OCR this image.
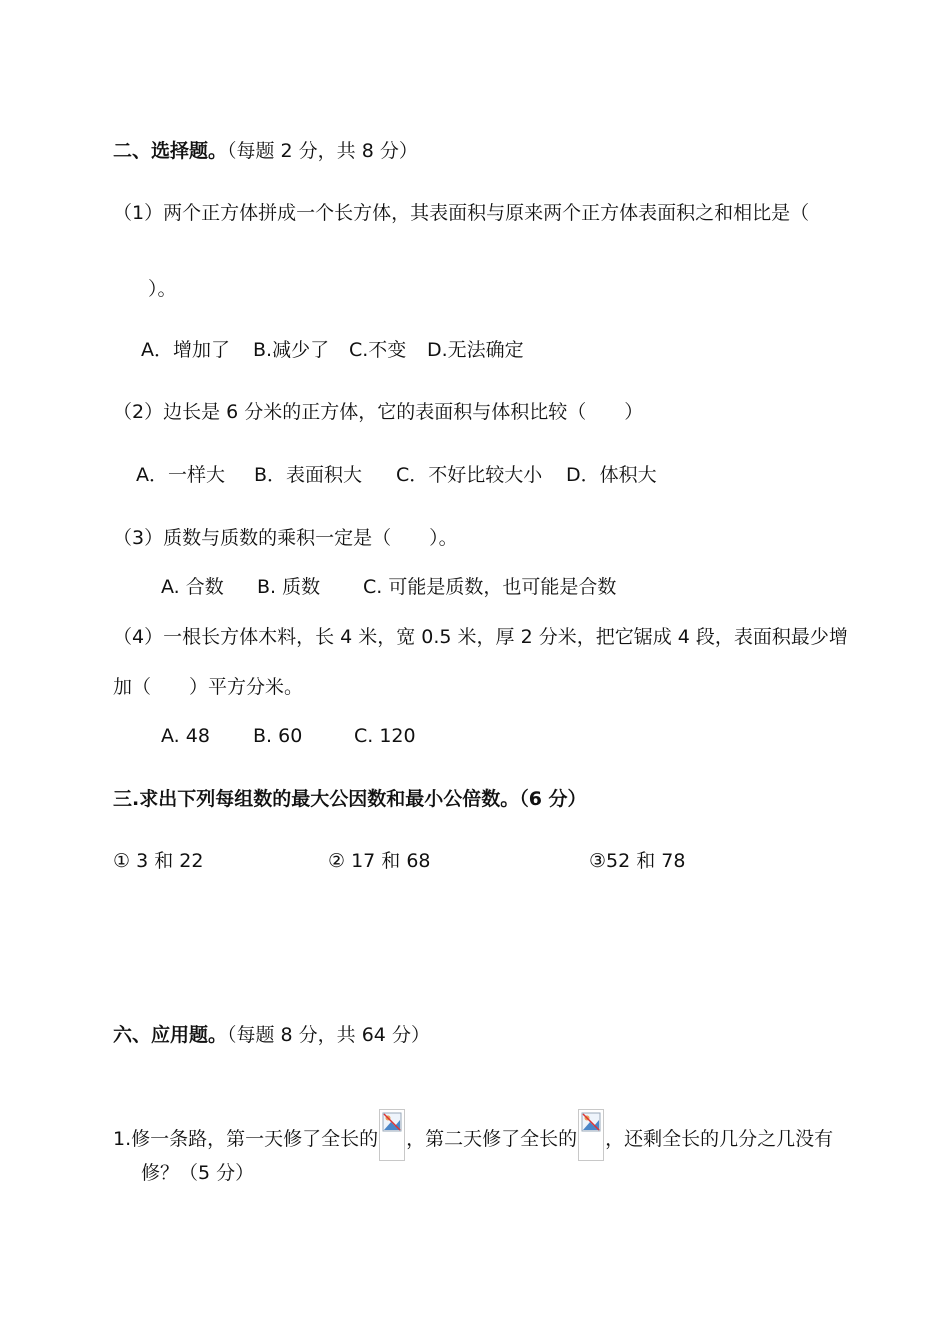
二、选择题。（每题 2 分，共 8 分）
（1）两个正方体拼成一个长方体，其表面积与原来两个正方体表面积之和相比是（
）。
A．增加了 B.减少了 C.不变 D.无法确定
（2）边长是 6 分米的正方体，它的表面积与体积比较（　　）
A．一样大 B．表面积大 C．不好比较大小 D．体积大
（3）质数与质数的乘积一定是（　　）。
A. 合数 B. 质数 C. 可能是质数，也可能是合数
（4）一根长方体木料，长 4 米，宽 0.5 米，厚 2 分米，把它锯成 4 段，表面积最少增
加（　　）平方分米。
A. 48 B. 60	C. 120
三.求出下列每组数的最大公因数和最小公倍数。（6 分）
① 3 和 22	② 17 和 68	③52 和 78
六、应用题。（每题 8 分，共 64 分）
1.修一条路，第一天修了全长的 ，第二天修了全长的 ，还剩全长的几分之几没有
修？（5 分）
